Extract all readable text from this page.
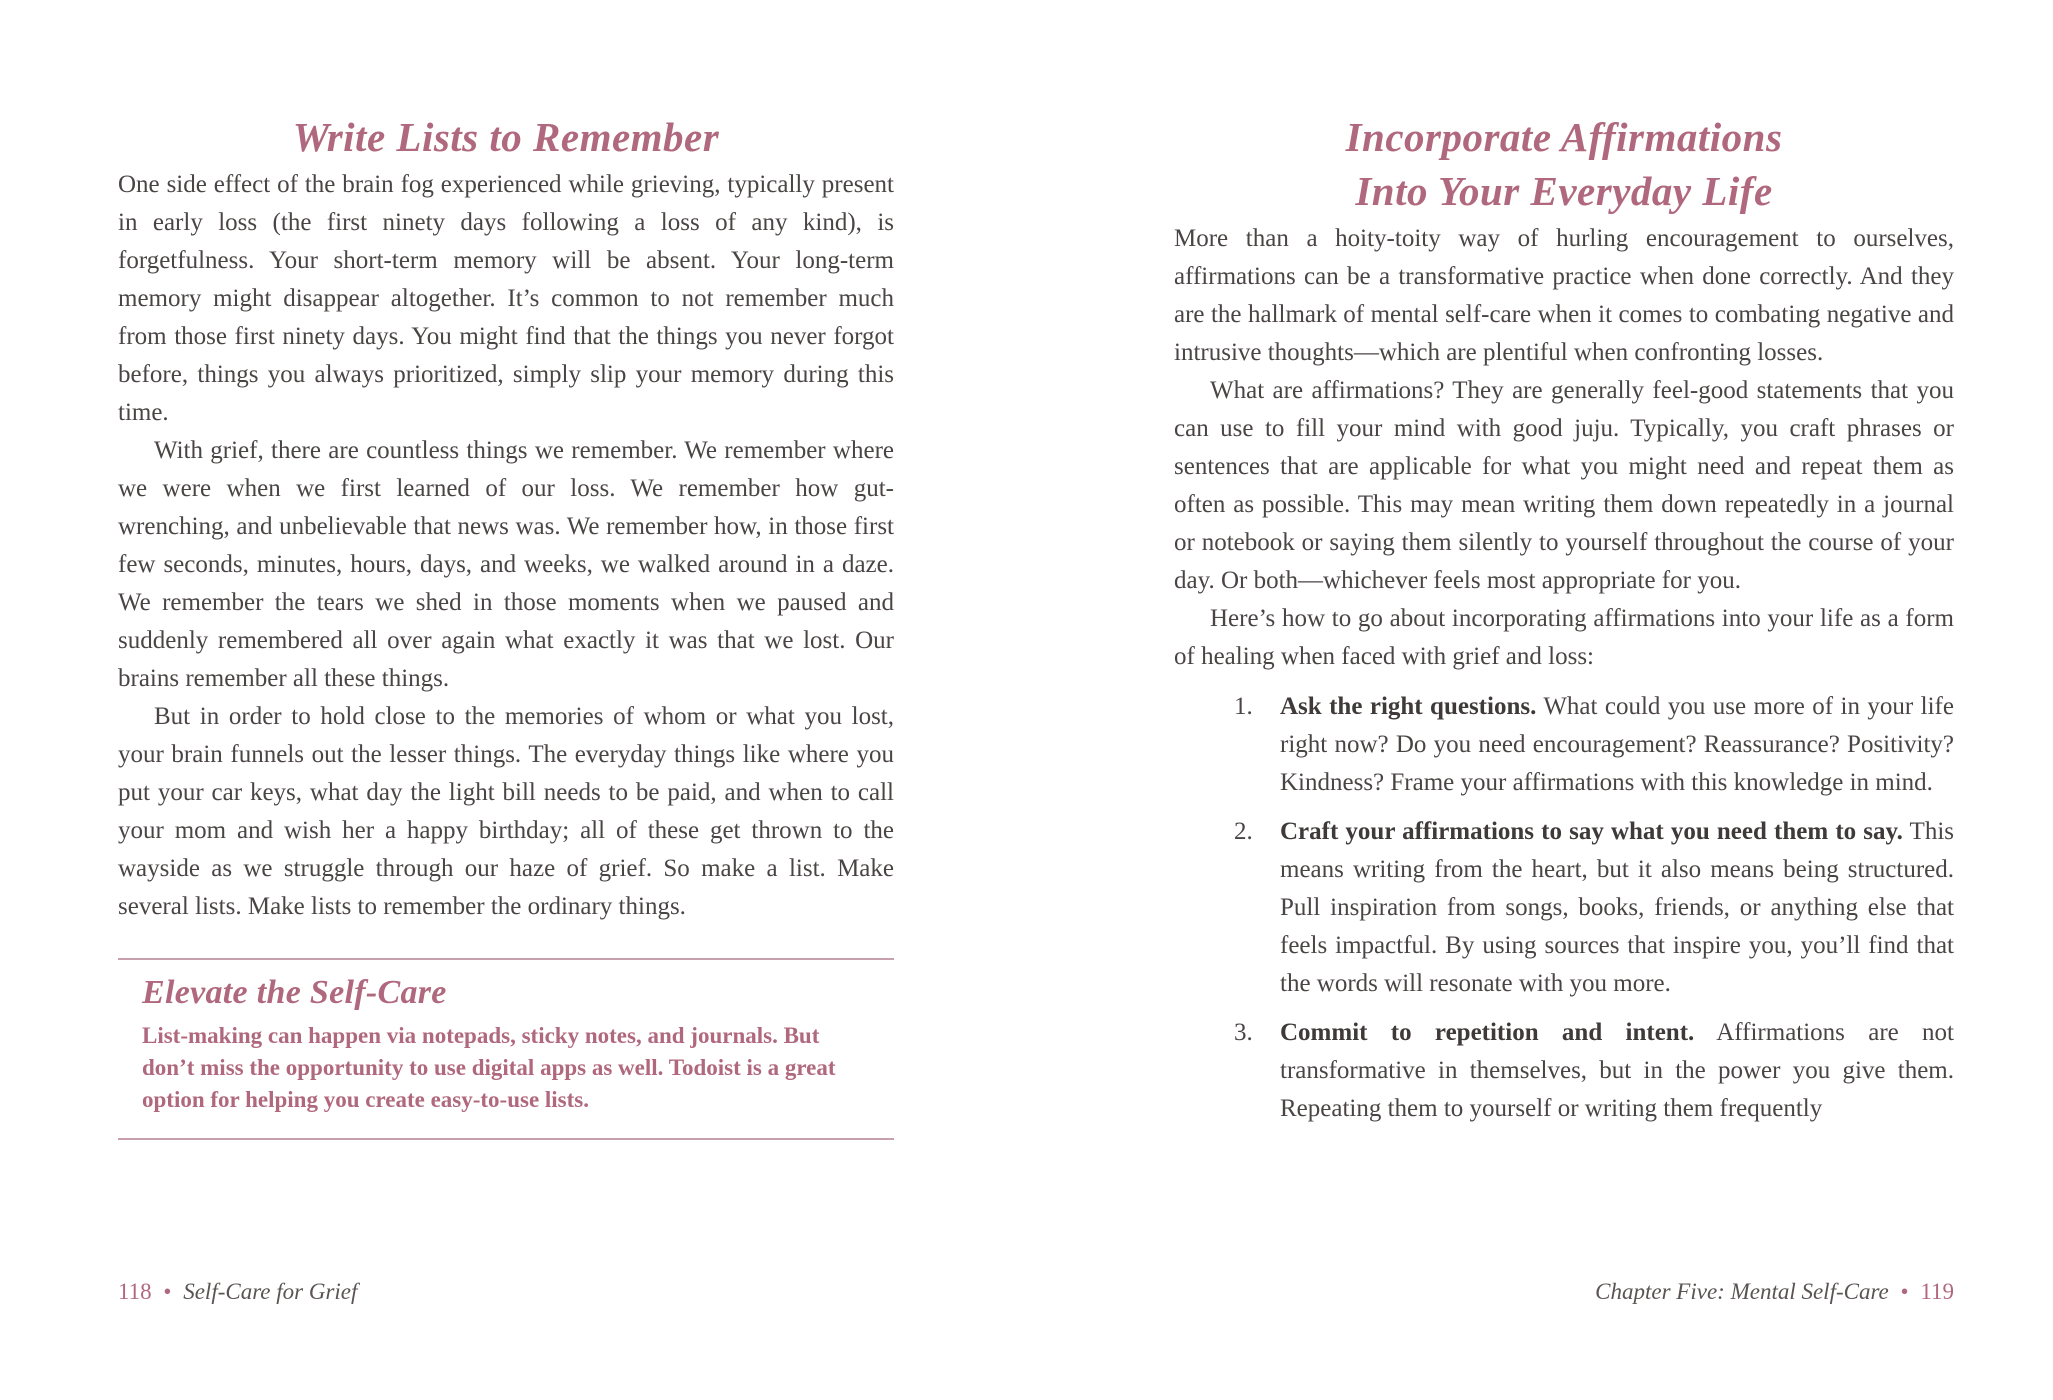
Write Lists to Remember

One side effect of the brain fog experienced while grieving, typically present in early loss (the first ninety days following a loss of any kind), is forgetfulness. Your short-term memory will be absent. Your long-term memory might disappear altogether. It’s common to not remember much from those first ninety days. You might find that the things you never forgot before, things you always prioritized, simply slip your memory during this time.

With grief, there are countless things we remember. We remember where we were when we first learned of our loss. We remember how gut-wrenching, and unbelievable that news was. We remember how, in those first few seconds, minutes, hours, days, and weeks, we walked around in a daze. We remember the tears we shed in those moments when we paused and suddenly remembered all over again what exactly it was that we lost. Our brains remember all these things.

But in order to hold close to the memories of whom or what you lost, your brain funnels out the lesser things. The everyday things like where you put your car keys, what day the light bill needs to be paid, and when to call your mom and wish her a happy birthday; all of these get thrown to the wayside as we struggle through our haze of grief. So make a list. Make several lists. Make lists to remember the ordinary things.

Elevate the Self-Care

List-making can happen via notepads, sticky notes, and journals. But don’t miss the opportunity to use digital apps as well. Todoist is a great option for helping you create easy-to-use lists.

118 • Self-Care for Grief
Incorporate Affirmations
Into Your Everyday Life

More than a hoity-toity way of hurling encouragement to ourselves, affirmations can be a transformative practice when done correctly. And they are the hallmark of mental self-care when it comes to combating negative and intrusive thoughts—which are plentiful when confronting losses.

What are affirmations? They are generally feel-good statements that you can use to fill your mind with good juju. Typically, you craft phrases or sentences that are applicable for what you might need and repeat them as often as possible. This may mean writing them down repeatedly in a journal or notebook or saying them silently to yourself throughout the course of your day. Or both—whichever feels most appropriate for you.

Here’s how to go about incorporating affirmations into your life as a form of healing when faced with grief and loss:

1. Ask the right questions. What could you use more of in your life right now? Do you need encouragement? Reassurance? Positivity? Kindness? Frame your affirmations with this knowledge in mind.

2. Craft your affirmations to say what you need them to say. This means writing from the heart, but it also means being structured. Pull inspiration from songs, books, friends, or anything else that feels impactful. By using sources that inspire you, you’ll find that the words will resonate with you more.

3. Commit to repetition and intent. Affirmations are not transformative in themselves, but in the power you give them. Repeating them to yourself or writing them frequently

Chapter Five: Mental Self-Care • 119
